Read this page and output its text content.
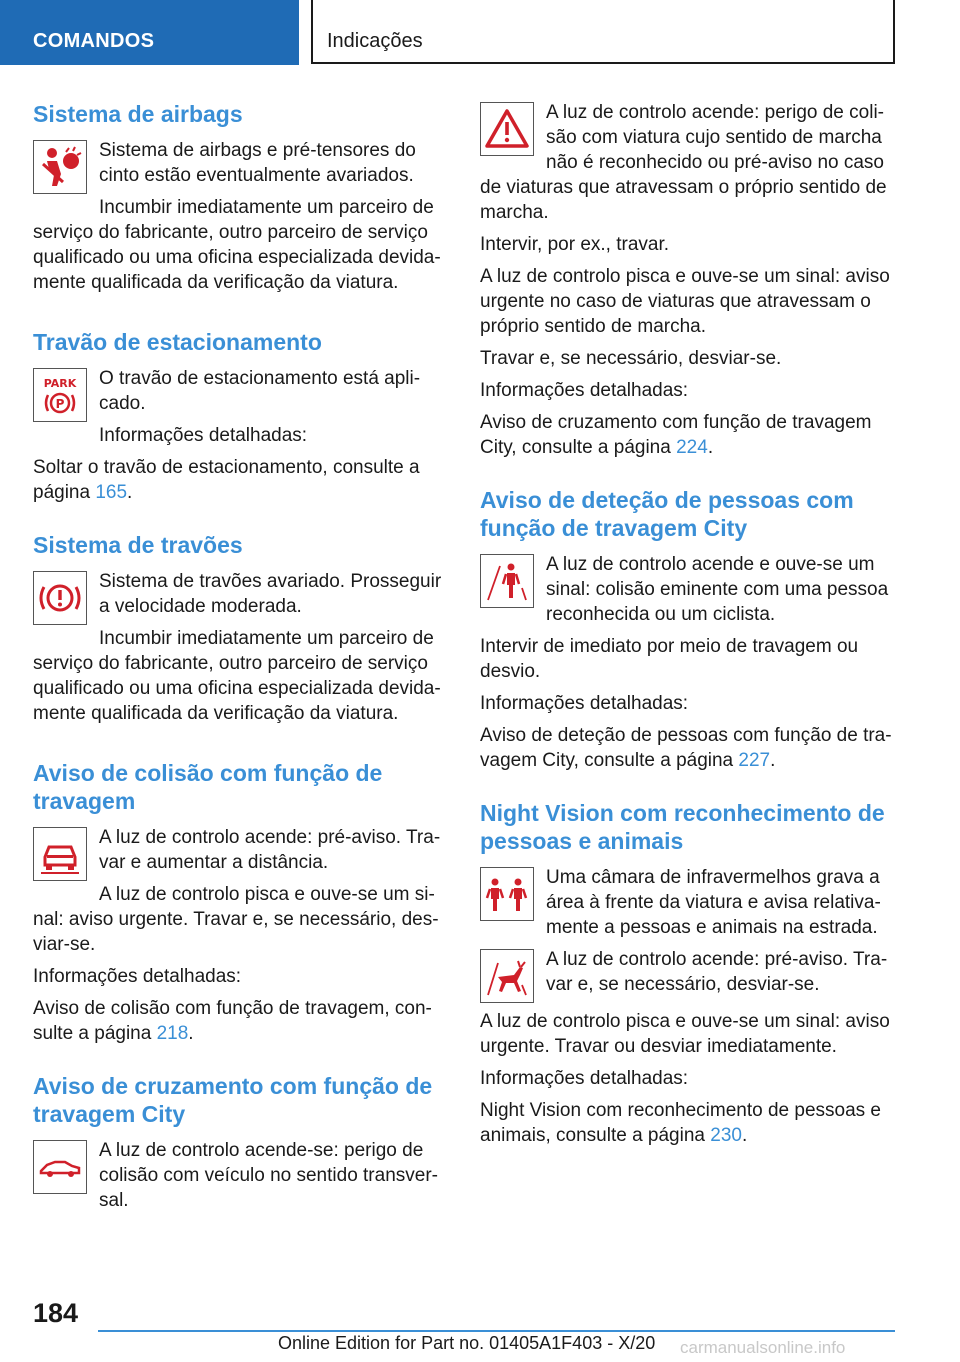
COMANDOS	Indicações
Sistema de airbags

Sistema de airbags e pré-tensores do cinto estão eventualmente avariados.

Incumbir imediatamente um parceiro de serviço do fabricante, outro parceiro de serviço qualificado ou uma oficina especializada devidamente qualificada da verificação da viatura.

Travão de estacionamento
PARK
P

O travão de estacionamento está aplicado.

Informações detalhadas:

Soltar o travão de estacionamento, consulte a página 165.

Sistema de travões

Sistema de travões avariado. Prosseguir a velocidade moderada.

Incumbir imediatamente um parceiro de serviço do fabricante, outro parceiro de serviço qualificado ou uma oficina especializada devidamente qualificada da verificação da viatura.

Aviso de colisão com função de travagem

A luz de controlo acende: pré-aviso. Travar e aumentar a distância.

A luz de controlo pisca e ouve-se um sinal: aviso urgente. Travar e, se necessário, desviar-se.

Informações detalhadas:

Aviso de colisão com função de travagem, consulte a página 218.

Aviso de cruzamento com função de travagem City

A luz de controlo acende-se: perigo de colisão com veículo no sentido transversal.

A luz de controlo acende: perigo de colisão com viatura cujo sentido de marcha não é reconhecido ou pré-aviso no caso de viaturas que atravessam o próprio sentido de marcha.

Intervir, por ex., travar.

A luz de controlo pisca e ouve-se um sinal: aviso urgente no caso de viaturas que atravessam o próprio sentido de marcha.

Travar e, se necessário, desviar-se.

Informações detalhadas:

Aviso de cruzamento com função de travagem City, consulte a página 224.

Aviso de deteção de pessoas com função de travagem City

A luz de controlo acende e ouve-se um sinal: colisão eminente com uma pessoa reconhecida ou um ciclista.

Intervir de imediato por meio de travagem ou desvio.

Informações detalhadas:

Aviso de deteção de pessoas com função de travagem City, consulte a página 227.

Night Vision com reconhecimento de pessoas e animais

Uma câmara de infravermelhos grava a área à frente da viatura e avisa relativamente a pessoas e animais na estrada.

A luz de controlo acende: pré-aviso. Travar e, se necessário, desviar-se.

A luz de controlo pisca e ouve-se um sinal: aviso urgente. Travar ou desviar imediatamente.

Informações detalhadas:

Night Vision com reconhecimento de pessoas e animais, consulte a página 230.

184
Online Edition for Part no. 01405A1F403 - X/20 carmanualsonline.info
